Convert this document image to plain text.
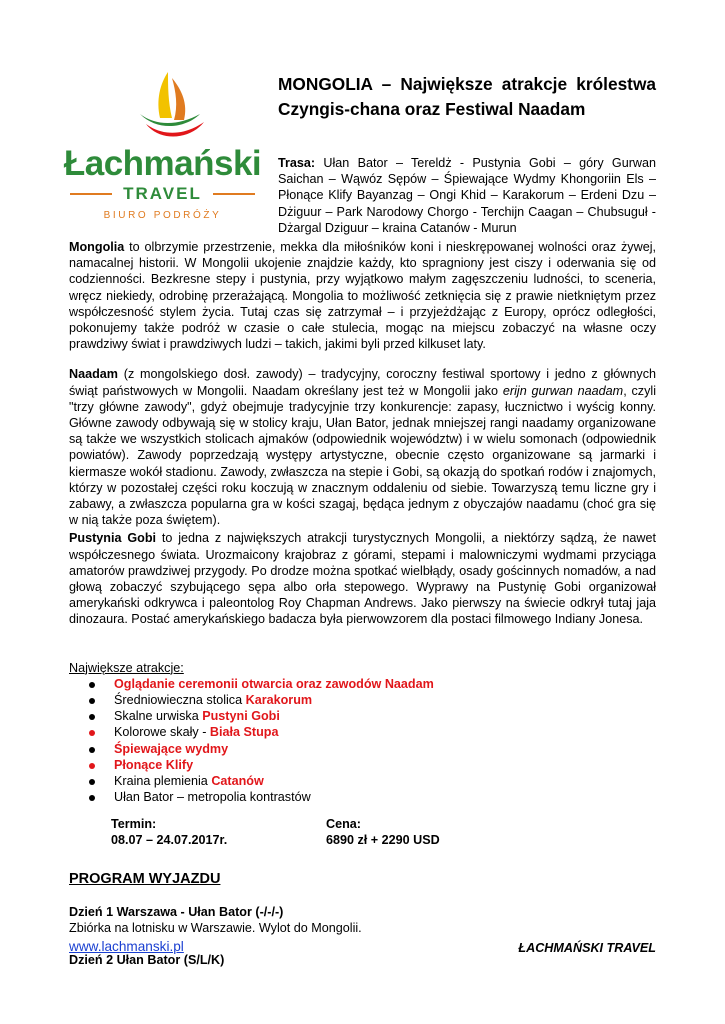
Łachmański
TRAVEL
BIURO PODRÓŻY
MONGOLIA – Największe atrakcje królestwa Czyngis-chana oraz Festiwal Naadam

Trasa: Ułan Bator – Tereldż - Pustynia Gobi – góry Gurwan Saichan – Wąwóz Sępów – Śpiewające Wydmy Khongoriin Els – Płonące Klify Bayanzag – Ongi Khid – Karakorum – Erdeni Dzu – Dżiguur – Park Narodowy Chorgo - Terchijn Caagan – Chubsuguł - Dżargal Dziguur – kraina Catanów - Murun

Mongolia to olbrzymie przestrzenie, mekka dla miłośników koni i nieskrępowanej wolności oraz żywej, namacalnej historii. W Mongolii ukojenie znajdzie każdy, kto spragniony jest ciszy i oderwania się od codzienności. Bezkresne stepy i pustynia, przy wyjątkowo małym zagęszczeniu ludności, to sceneria, wręcz niekiedy, odrobinę przerażającą. Mongolia to możliwość zetknięcia się z prawie nietkniętym przez współczesność stylem życia. Tutaj czas się zatrzymał – i przyjeżdżając z Europy, oprócz odległości, pokonujemy także podróż w czasie o całe stulecia, mogąc na miejscu zobaczyć na własne oczy prawdziwy świat i prawdziwych ludzi – takich, jakimi byli przed kilkuset laty.

Naadam (z mongolskiego dosł. zawody) – tradycyjny, coroczny festiwal sportowy i jedno z głównych świąt państwowych w Mongolii. Naadam określany jest też w Mongolii jako erijn gurwan naadam, czyli "trzy główne zawody", gdyż obejmuje tradycyjnie trzy konkurencje: zapasy, łucznictwo i wyścig konny. Główne zawody odbywają się w stolicy kraju, Ułan Bator, jednak mniejszej rangi naadamy organizowane są także we wszystkich stolicach ajmaków (odpowiednik województw) i w wielu somonach (odpowiednik powiatów). Zawody poprzedzają występy artystyczne, obecnie często organizowane są jarmarki i kiermasze wokół stadionu. Zawody, zwłaszcza na stepie i Gobi, są okazją do spotkań rodów i znajomych, którzy w pozostałej części roku koczują w znacznym oddaleniu od siebie. Towarzyszą temu liczne gry i zabawy, a zwłaszcza popularna gra w kości szagaj, będąca jednym z obyczajów naadamu (choć gra się w nią także poza świętem).

Pustynia Gobi to jedna z największych atrakcji turystycznych Mongolii, a niektórzy sądzą, że nawet współczesnego świata. Urozmaicony krajobraz z górami, stepami i malowniczymi wydmami przyciąga amatorów prawdziwej przygody. Po drodze można spotkać wielbłądy, osady gościnnych nomadów, a nad głową zobaczyć szybującego sępa albo orła stepowego. Wyprawy na Pustynię Gobi organizował amerykański odkrywca i paleontolog Roy Chapman Andrews. Jako pierwszy na świecie odkrył tutaj jaja dinozaura. Postać amerykańskiego badacza była pierwowzorem dla postaci filmowego Indiany Jonesa.

Największe atrakcje:
Oglądanie ceremonii otwarcia oraz zawodów Naadam
Średniowieczna stolica Karakorum
Skalne urwiska Pustyni Gobi
Kolorowe skały - Biała Stupa
Śpiewające wydmy
Płonące Klify
Kraina plemienia Catanów
Ułan Bator – metropolia kontrastów
Termin:
08.07 – 24.07.2017r.
Cena:
6890 zł + 2290 USD
PROGRAM WYJAZDU
Dzień 1 Warszawa - Ułan Bator (-/-/-)
Zbiórka na lotnisku w Warszawie. Wylot do Mongolii.
Dzień 2 Ułan Bator (S/L/K)
www.lachmanski.pl	ŁACHMAŃSKI TRAVEL
